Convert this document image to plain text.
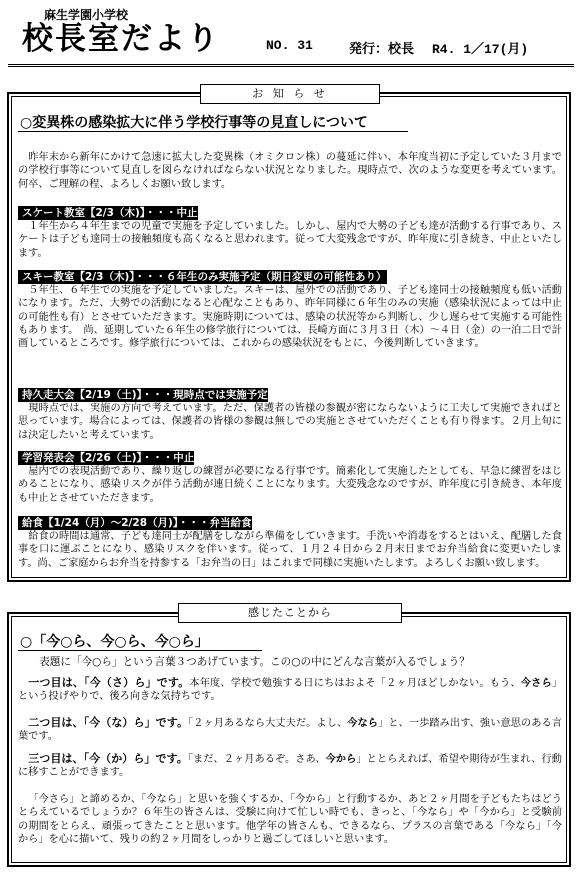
麻生学園小学校
校長室だより	NO. 31	発行：校長 R4. 1／17(月)
お 知 ら せ
○変異株の感染拡大に伴う学校行事等の見直しについて
昨年末から新年にかけて急速に拡大した変異株（オミクロン株）の蔓延に伴い、本年度当初に予定していた３月までの学校行事等について見直しを図らなければならない状況となりました。現時点で、次のような変更を考えています。何卒、ご理解の程、よろしくお願い致します。
スケート教室【2/3（木)】・・・中止
１年生から４年生までの児童で実施を予定していました。しかし、屋内で大勢の子ども達が活動する行事であり、スケートは子ども達同士の接触頻度も高くなると思われます。従って大変残念ですが、昨年度に引き続き、中止といたします。
スキー教室【2/3（木)】・・・６年生のみ実施予定（期日変更の可能性あり）
５年生、６年生での実施を予定していました。スキーは、屋外での活動であり、子ども達同士の接触頻度も低い活動になります。ただ、大勢での活動になると心配なこともあり、昨年同様に６年生のみの実施（感染状況によっては中止の可能性も有）とさせていただきます。実施時期については、感染の状況等から判断し、少し遅らせて実施する可能性もあります。　尚、延期していた６年生の修学旅行については、長崎方面に３月３日（木）～４日（金）の一泊二日で計画しているところです。修学旅行については、これからの感染状況をもとに、今後判断していきます。
持久走大会【2/19（土)】・・・現時点では実施予定
現時点では、実施の方向で考えています。ただ、保護者の皆様の参観が密にならないように工夫して実施できればと思っています。場合によっては、保護者の皆様の参観は無しでの実施とさせていただくことも有り得ます。２月上旬には決定したいと考えています。
学習発表会【2/26（土)】・・・中止
屋内での表現活動であり、繰り返しの練習が必要になる行事です。簡素化して実施したとしても、早急に練習をはじめることになり、感染リスクが伴う活動が連日続くことになります。大変残念なのですが、昨年度に引き続き、本年度も中止とさせていただきます。
給食【1/24（月）～2/28（月)】・・・弁当給食
給食の時間は通常、子ども達同士が配膳をしながら準備をしていきます。手洗いや消毒をするとはいえ、配膳した食事を口に運ぶことになり、感染リスクを伴います。従って、１月２４日から２月末日までお弁当給食に変更いたします。尚、ご家庭からお弁当を持参する「お弁当の日」はこれまで同様に実施いたします。よろしくお願い致します。
感じたことから
○「今○ら、今○ら、今○ら」
表題に「今○ら」という言葉３つあげています。この○の中にどんな言葉が入るでしょう？
一つ目は、「今（さ）ら」です。本年度、学校で勉強する日にちはおよそ「２ヶ月ほどしかない。もう、今さら」という投げやりで、後ろ向きな気持ちです。
二つ目は、「今（な）ら」です。「２ヶ月あるなら大丈夫だ。よし、今なら」と、一歩踏み出す、強い意思のある言葉です。
三つ目は、「今（か）ら」です。「まだ、２ヶ月あるぞ。さあ、今から」ととらえれば、希望や期待が生まれ、行動に移すことができます。
「今さら」と諦めるか、「今なら」と思いを強くするか、「今から」と行動するか、あと２ヶ月間を子どもたちはどうとらえているでしょうか？６年生の皆さんは、受験に向けて忙しい時でも、きっと、「今なら」や「今から」と受験前の期間をとらえ、頑張ってきたことと思います。他学年の皆さんも、できるなら、プラスの言葉である「今なら」「今から」を心に描いて、残りの約２ヶ月間をしっかりと過ごしてほしいと思います。
